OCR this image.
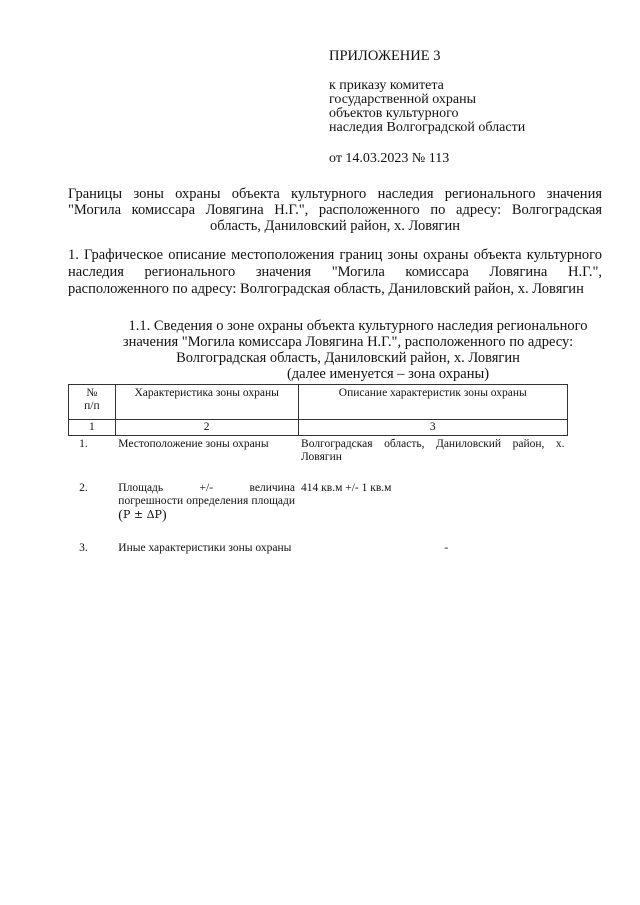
ПРИЛОЖЕНИЕ 3
к приказу комитета
государственной охраны
объектов культурного
наследия Волгоградской области
от 14.03.2023 № 113
Границы зоны охраны объекта культурного наследия регионального значения "Могила комиссара Ловягина Н.Г.", расположенного по адресу: Волгоградская область, Даниловский район, х. Ловягин
1. Графическое описание местоположения границ зоны охраны объекта культурного наследия регионального значения "Могила комиссара Ловягина Н.Г.", расположенного по адресу: Волгоградская область, Даниловский район, х. Ловягин
1.1. Сведения о зоне охраны объекта культурного наследия регионального
значения "Могила комиссара Ловягина Н.Г.", расположенного по адресу:
Волгоградская область, Даниловский район, х. Ловягин
(далее именуется – зона охраны)
№
п/п	Характеристика зоны охраны	Описание характеристик зоны охраны
1	2	3
1.	Местоположение зоны охраны	Волгоградская область, Даниловский район, х. Ловягин
2.	Площадь +/- величина погрешности определения площади (P ± ΔP)	414 кв.м +/- 1 кв.м
3.	Иные характеристики зоны охраны	-
